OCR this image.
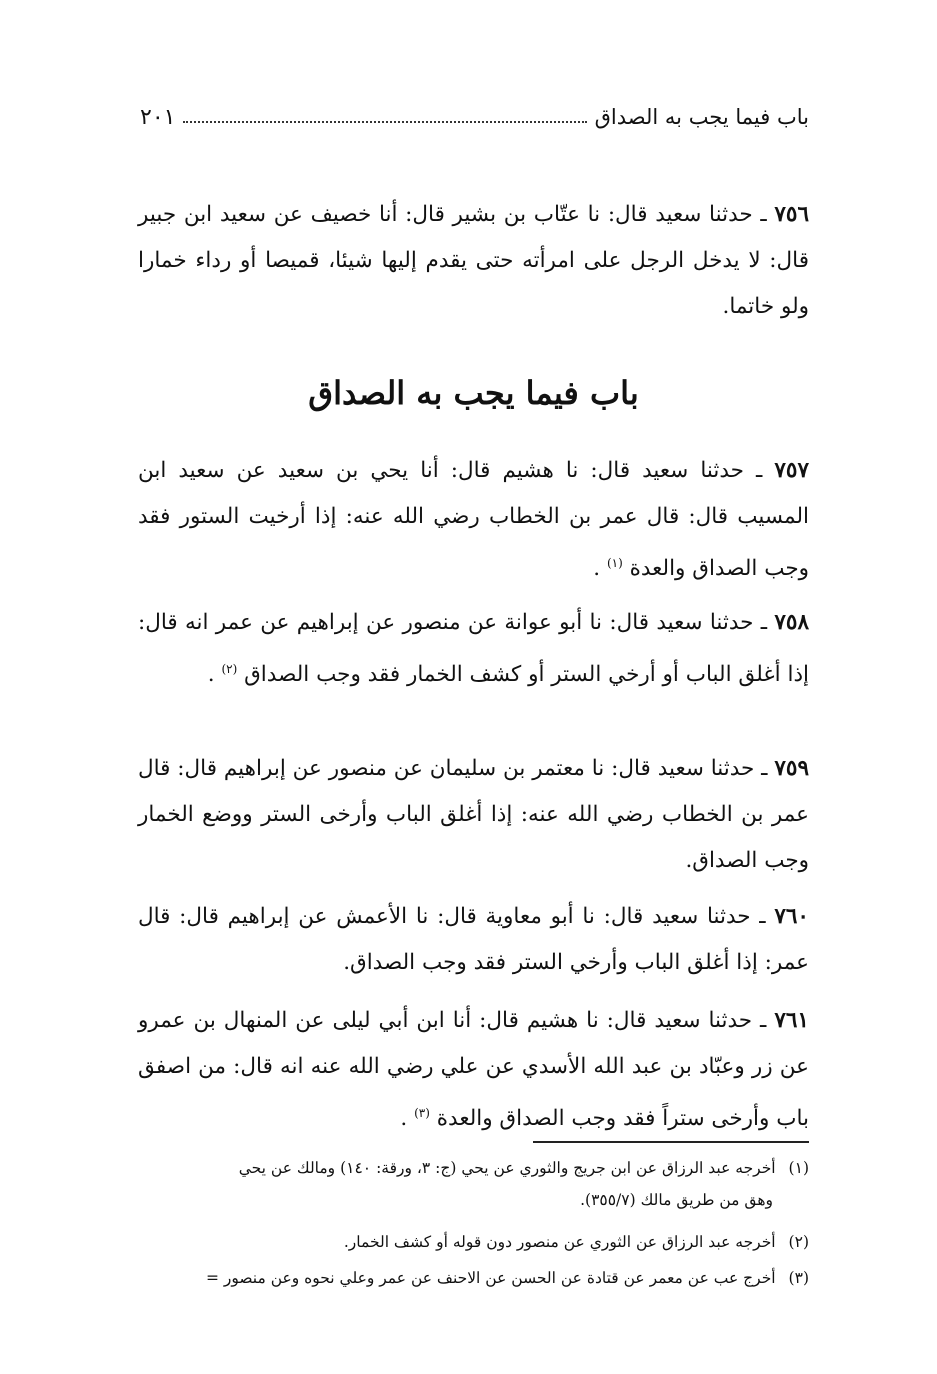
باب فيما يجب به الصداق
٢٠١

٧٥٦ ـ حدثنا سعيد قال: نا عتّاب بن بشير قال: أنا خصيف عن سعيد ابن جبير قال: لا يدخل الرجل على امرأته حتى يقدم إليها شيئا، قميصا أو رداء خمارا ولو خاتما.

باب فيما يجب به الصداق

٧٥٧ ـ حدثنا سعيد قال: نا هشيم قال: أنا يحي بن سعيد عن سعيد ابن المسيب قال: قال عمر بن الخطاب رضي الله عنه: إذا أرخيت الستور فقد وجب الصداق والعدة $^{(١)}$ .

٧٥٨ ـ حدثنا سعيد قال: نا أبو عوانة عن منصور عن إبراهيم عن عمر انه قال: إذا أغلق الباب أو أرخي الستر أو كشف الخمار فقد وجب الصداق $^{(٢)}$ .

٧٥٩ ـ حدثنا سعيد قال: نا معتمر بن سليمان عن منصور عن إبراهيم قال: قال عمر بن الخطاب رضي الله عنه: إذا أغلق الباب وأرخى الستر ووضع الخمار وجب الصداق.

٧٦٠ ـ حدثنا سعيد قال: نا أبو معاوية قال: نا الأعمش عن إبراهيم قال: قال عمر: إذا أغلق الباب وأرخي الستر فقد وجب الصداق.

٧٦١ ـ حدثنا سعيد قال: نا هشيم قال: أنا ابن أبي ليلى عن المنهال بن عمرو عن زر وعبّاد بن عبد الله الأسدي عن علي رضي الله عنه انه قال: من اصفق باب وأرخى ستراً فقد وجب الصداق والعدة $^{(٣)}$ .

(١) أخرجه عبد الرزاق عن ابن جريج والثوري عن يحي (ج: ٣، ورقة: ١٤٠) ومالك عن يحي
وهق من طريق مالك (٣٥٥/٧).
(٢) أخرجه عبد الرزاق عن الثوري عن منصور دون قوله أو كشف الخمار.
(٣) أخرج عب عن معمر عن قتادة عن الحسن عن الاحنف عن عمر وعلي نحوه وعن منصور =
